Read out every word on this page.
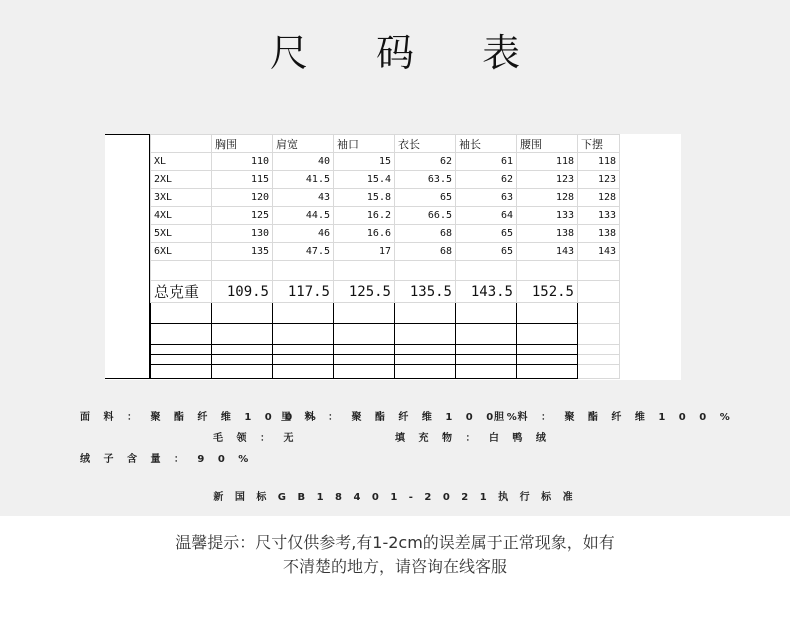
尺 码 表
	胸围	肩宽	袖口	衣长	袖长	腰围	下摆
XL	110	40	15	62	61	118	118
2XL	115	41.5	15.4	63.5	62	123	123
3XL	120	43	15.8	65	63	128	128
4XL	125	44.5	16.2	66.5	64	133	133
5XL	130	46	16.6	68	65	138	138
6XL	135	47.5	17	68	65	143	143

总克重	109.5	117.5	125.5	135.5	143.5	152.5	

面 料 ： 聚 酯 纤 维 1 0 0 %
里 料 ： 聚 酯 纤 维 1 0 0 %
胆 料 ： 聚 酯 纤 维 1 0 0 %
毛 领 ： 无	填 充 物 ： 白 鸭 绒
绒 子 含 量 ： 9 0 %
新 国 标 G B 1 8 4 0 1 - 2 0 2 1 执 行 标 准
温馨提示：尺寸仅供参考,有1-2cm的误差属于正常现象，如有
不清楚的地方，请咨询在线客服
